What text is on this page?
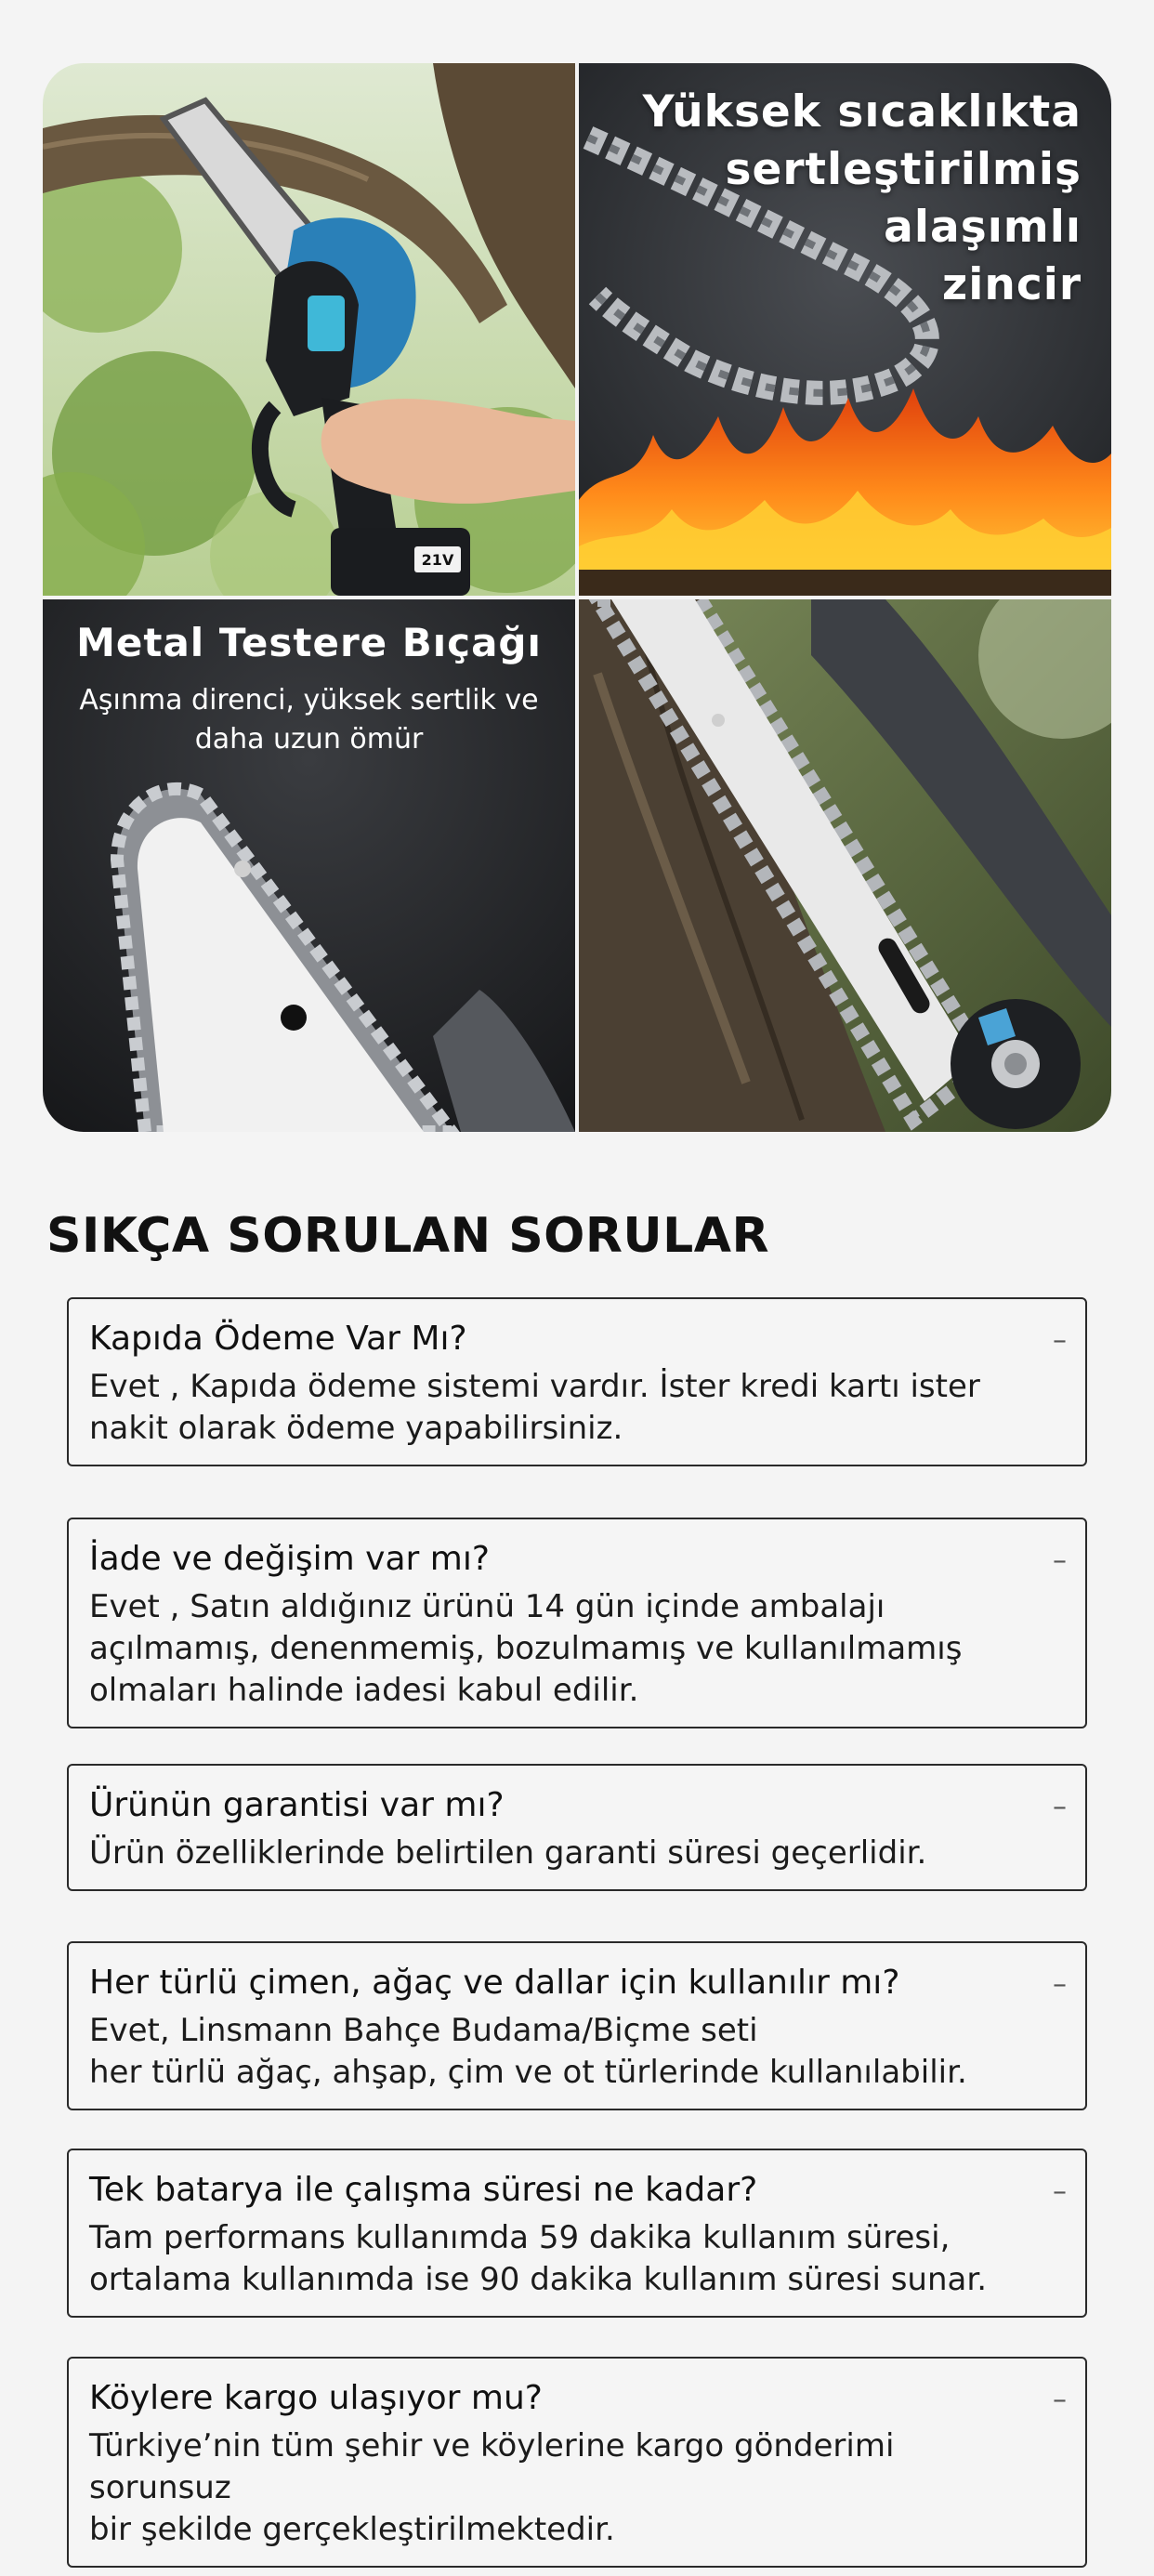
21V
Yüksek sıcaklıkta
sertleştirilmiş
alaşımlı
zincir
Metal Testere Bıçağı
Aşınma direnci, yüksek sertlik ve
daha uzun ömür
SIKÇA SORULAN SORULAR
Kapıda Ödeme Var Mı?	–
Evet , Kapıda ödeme sistemi vardır. İster kredi kartı ister
nakit olarak ödeme yapabilirsiniz.
İade ve değişim var mı?	–
Evet , Satın aldığınız ürünü 14 gün içinde ambalajı
açılmamış, denenmemiş, bozulmamış ve kullanılmamış
olmaları halinde iadesi kabul edilir.
Ürünün garantisi var mı?	–
Ürün özelliklerinde belirtilen garanti süresi geçerlidir.
Her türlü çimen, ağaç ve dallar için kullanılır mı?	–
Evet, Linsmann Bahçe Budama/Biçme seti
her türlü ağaç, ahşap, çim ve ot türlerinde kullanılabilir.
Tek batarya ile çalışma süresi ne kadar?	–
Tam performans kullanımda 59 dakika kullanım süresi,
ortalama kullanımda ise 90 dakika kullanım süresi sunar.
Köylere kargo ulaşıyor mu?	–
Türkiye’nin tüm şehir ve köylerine kargo gönderimi sorunsuz
bir şekilde gerçekleştirilmektedir.
